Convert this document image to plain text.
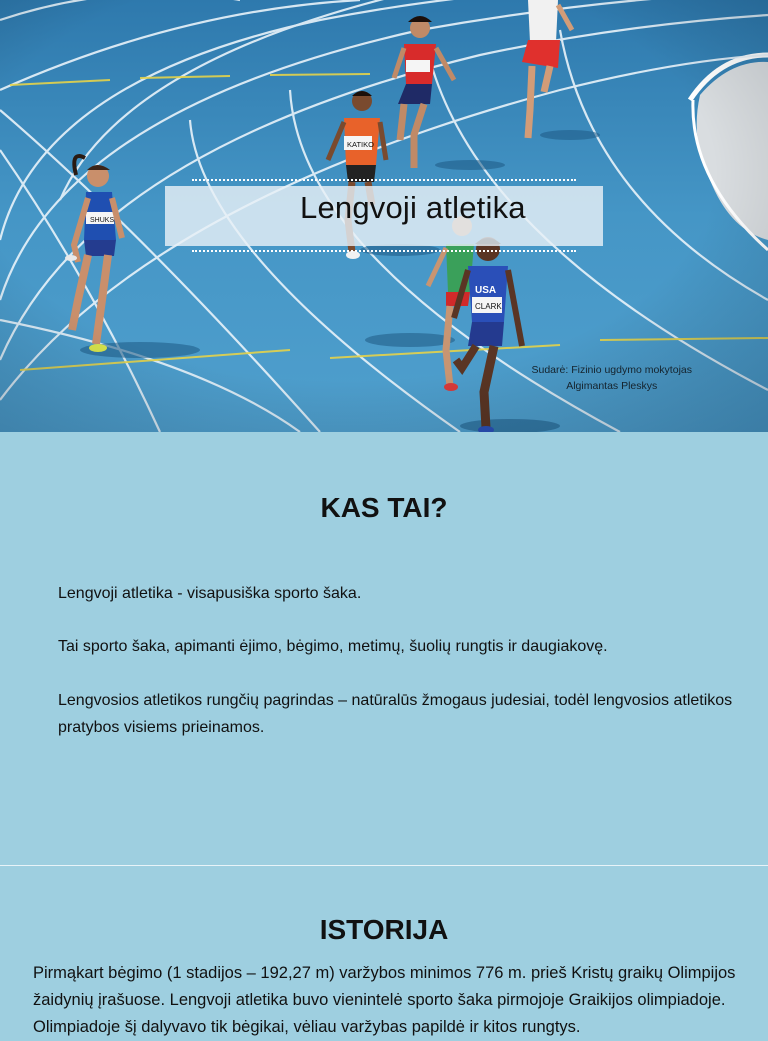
Lengvoji atletika
Sudarė: Fizinio ugdymo mokytojas
Algimantas Pleskys
KAS TAI?

Lengvoji atletika - visapusiška sporto šaka.

Tai sporto šaka, apimanti ėjimo, bėgimo, metimų, šuolių rungtis ir daugiakovę.

Lengvosios atletikos rungčių pagrindas – natūralūs žmogaus judesiai, todėl lengvosios atletikos pratybos visiems prieinamos.

ISTORIJA

Pirmąkart bėgimo (1 stadijos – 192,27 m) varžybos minimos 776 m. prieš Kristų graikų Olimpijos žaidynių įrašuose. Lengvoji atletika buvo vienintelė sporto šaka pirmojoje Graikijos olimpiadoje. Olimpiadoje šį dalyvavo tik bėgikai, vėliau varžybas papildė ir kitos rungtys.
